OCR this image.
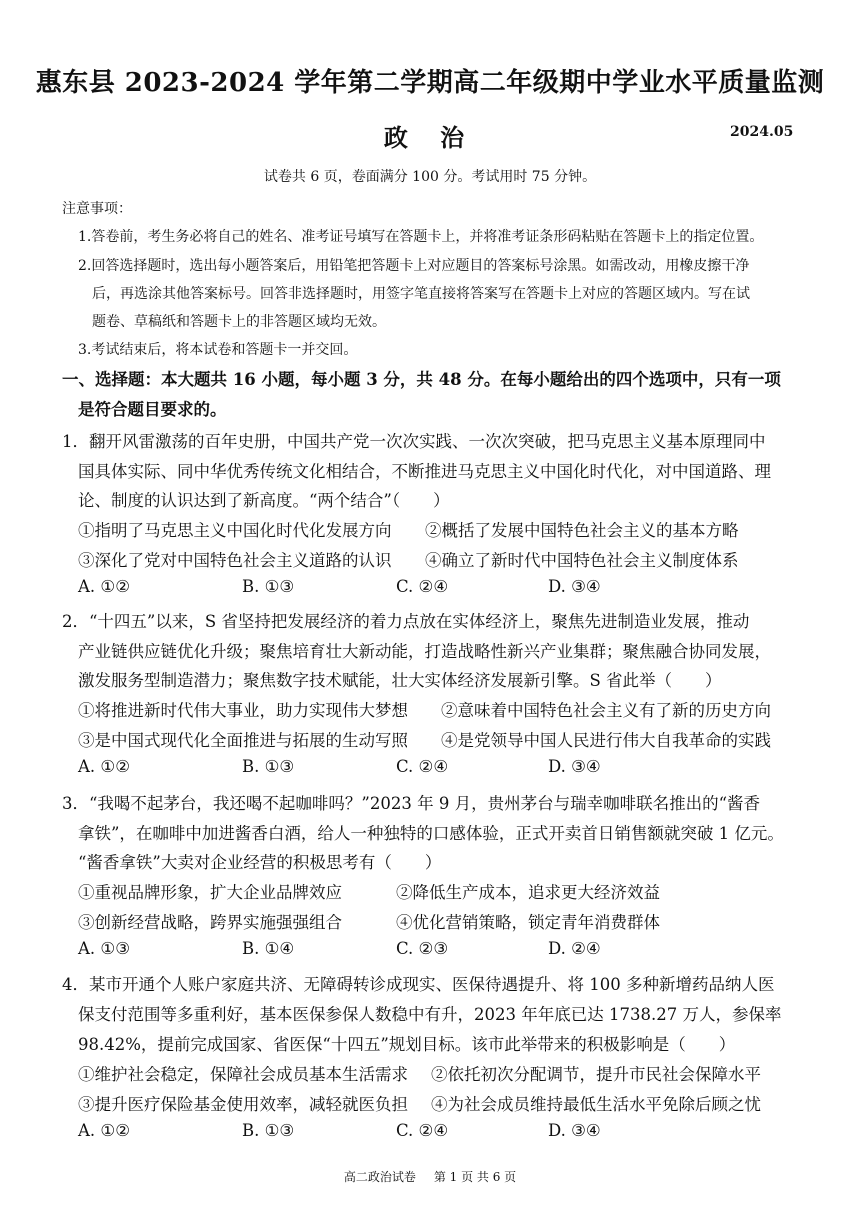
惠东县 2023-2024 学年第二学期高二年级期中学业水平质量监测
政 治	2024.05
试卷共 6 页，卷面满分 100 分。考试用时 75 分钟。
注意事项：
1.答卷前，考生务必将自己的姓名、准考证号填写在答题卡上，并将准考证条形码粘贴在答题卡上的指定位置。
2.回答选择题时，选出每小题答案后，用铅笔把答题卡上对应题目的答案标号涂黑。如需改动，用橡皮擦干净
后，再选涂其他答案标号。回答非选择题时，用签字笔直接将答案写在答题卡上对应的答题区域内。写在试
题卷、草稿纸和答题卡上的非答题区域均无效。
3.考试结束后，将本试卷和答题卡一并交回。
一、选择题：本大题共 16 小题，每小题 3 分，共 48 分。在每小题给出的四个选项中，只有一项
是符合题目要求的。
1．翻开风雷激荡的百年史册，中国共产党一次次实践、一次次突破，把马克思主义基本原理同中
国具体实际、同中华优秀传统文化相结合，不断推进马克思主义中国化时代化，对中国道路、理
论、制度的认识达到了新高度。“两个结合”（　　）
①指明了马克思主义中国化时代化发展方向 ②概括了发展中国特色社会主义的基本方略
③深化了党对中国特色社会主义道路的认识 ④确立了新时代中国特色社会主义制度体系
A. ①②	B. ①③	C. ②④	D. ③④
2．“十四五”以来，S 省坚持把发展经济的着力点放在实体经济上，聚焦先进制造业发展，推动
产业链供应链优化升级；聚焦培育壮大新动能，打造战略性新兴产业集群；聚焦融合协同发展，
激发服务型制造潜力；聚焦数字技术赋能，壮大实体经济发展新引擎。S 省此举（　　）
①将推进新时代伟大事业，助力实现伟大梦想 ②意味着中国特色社会主义有了新的历史方向
③是中国式现代化全面推进与拓展的生动写照 ④是党领导中国人民进行伟大自我革命的实践
A. ①②	B. ①③	C. ②④	D. ③④
3．“我喝不起茅台，我还喝不起咖啡吗？”2023 年 9 月，贵州茅台与瑞幸咖啡联名推出的“酱香
拿铁”，在咖啡中加进酱香白酒，给人一种独特的口感体验，正式开卖首日销售额就突破 1 亿元。
“酱香拿铁”大卖对企业经营的积极思考有（　　）
①重视品牌形象，扩大企业品牌效应	②降低生产成本，追求更大经济效益
③创新经营战略，跨界实施强强组合	④优化营销策略，锁定青年消费群体
A. ①③	B. ①④	C. ②③	D. ②④
4．某市开通个人账户家庭共济、无障碍转诊成现实、医保待遇提升、将 100 多种新增药品纳人医
保支付范围等多重利好，基本医保参保人数稳中有升，2023 年年底已达 1738.27 万人，参保率
98.42%，提前完成国家、省医保“十四五”规划目标。该市此举带来的积极影响是（　　）
①维护社会稳定，保障社会成员基本生活需求 ②依托初次分配调节，提升市民社会保障水平
③提升医疗保险基金使用效率，减轻就医负担 ④为社会成员维持最低生活水平免除后顾之忧
A. ①②	B. ①③	C. ②④	D. ③④
高二政治试卷 第 1 页 共 6 页
